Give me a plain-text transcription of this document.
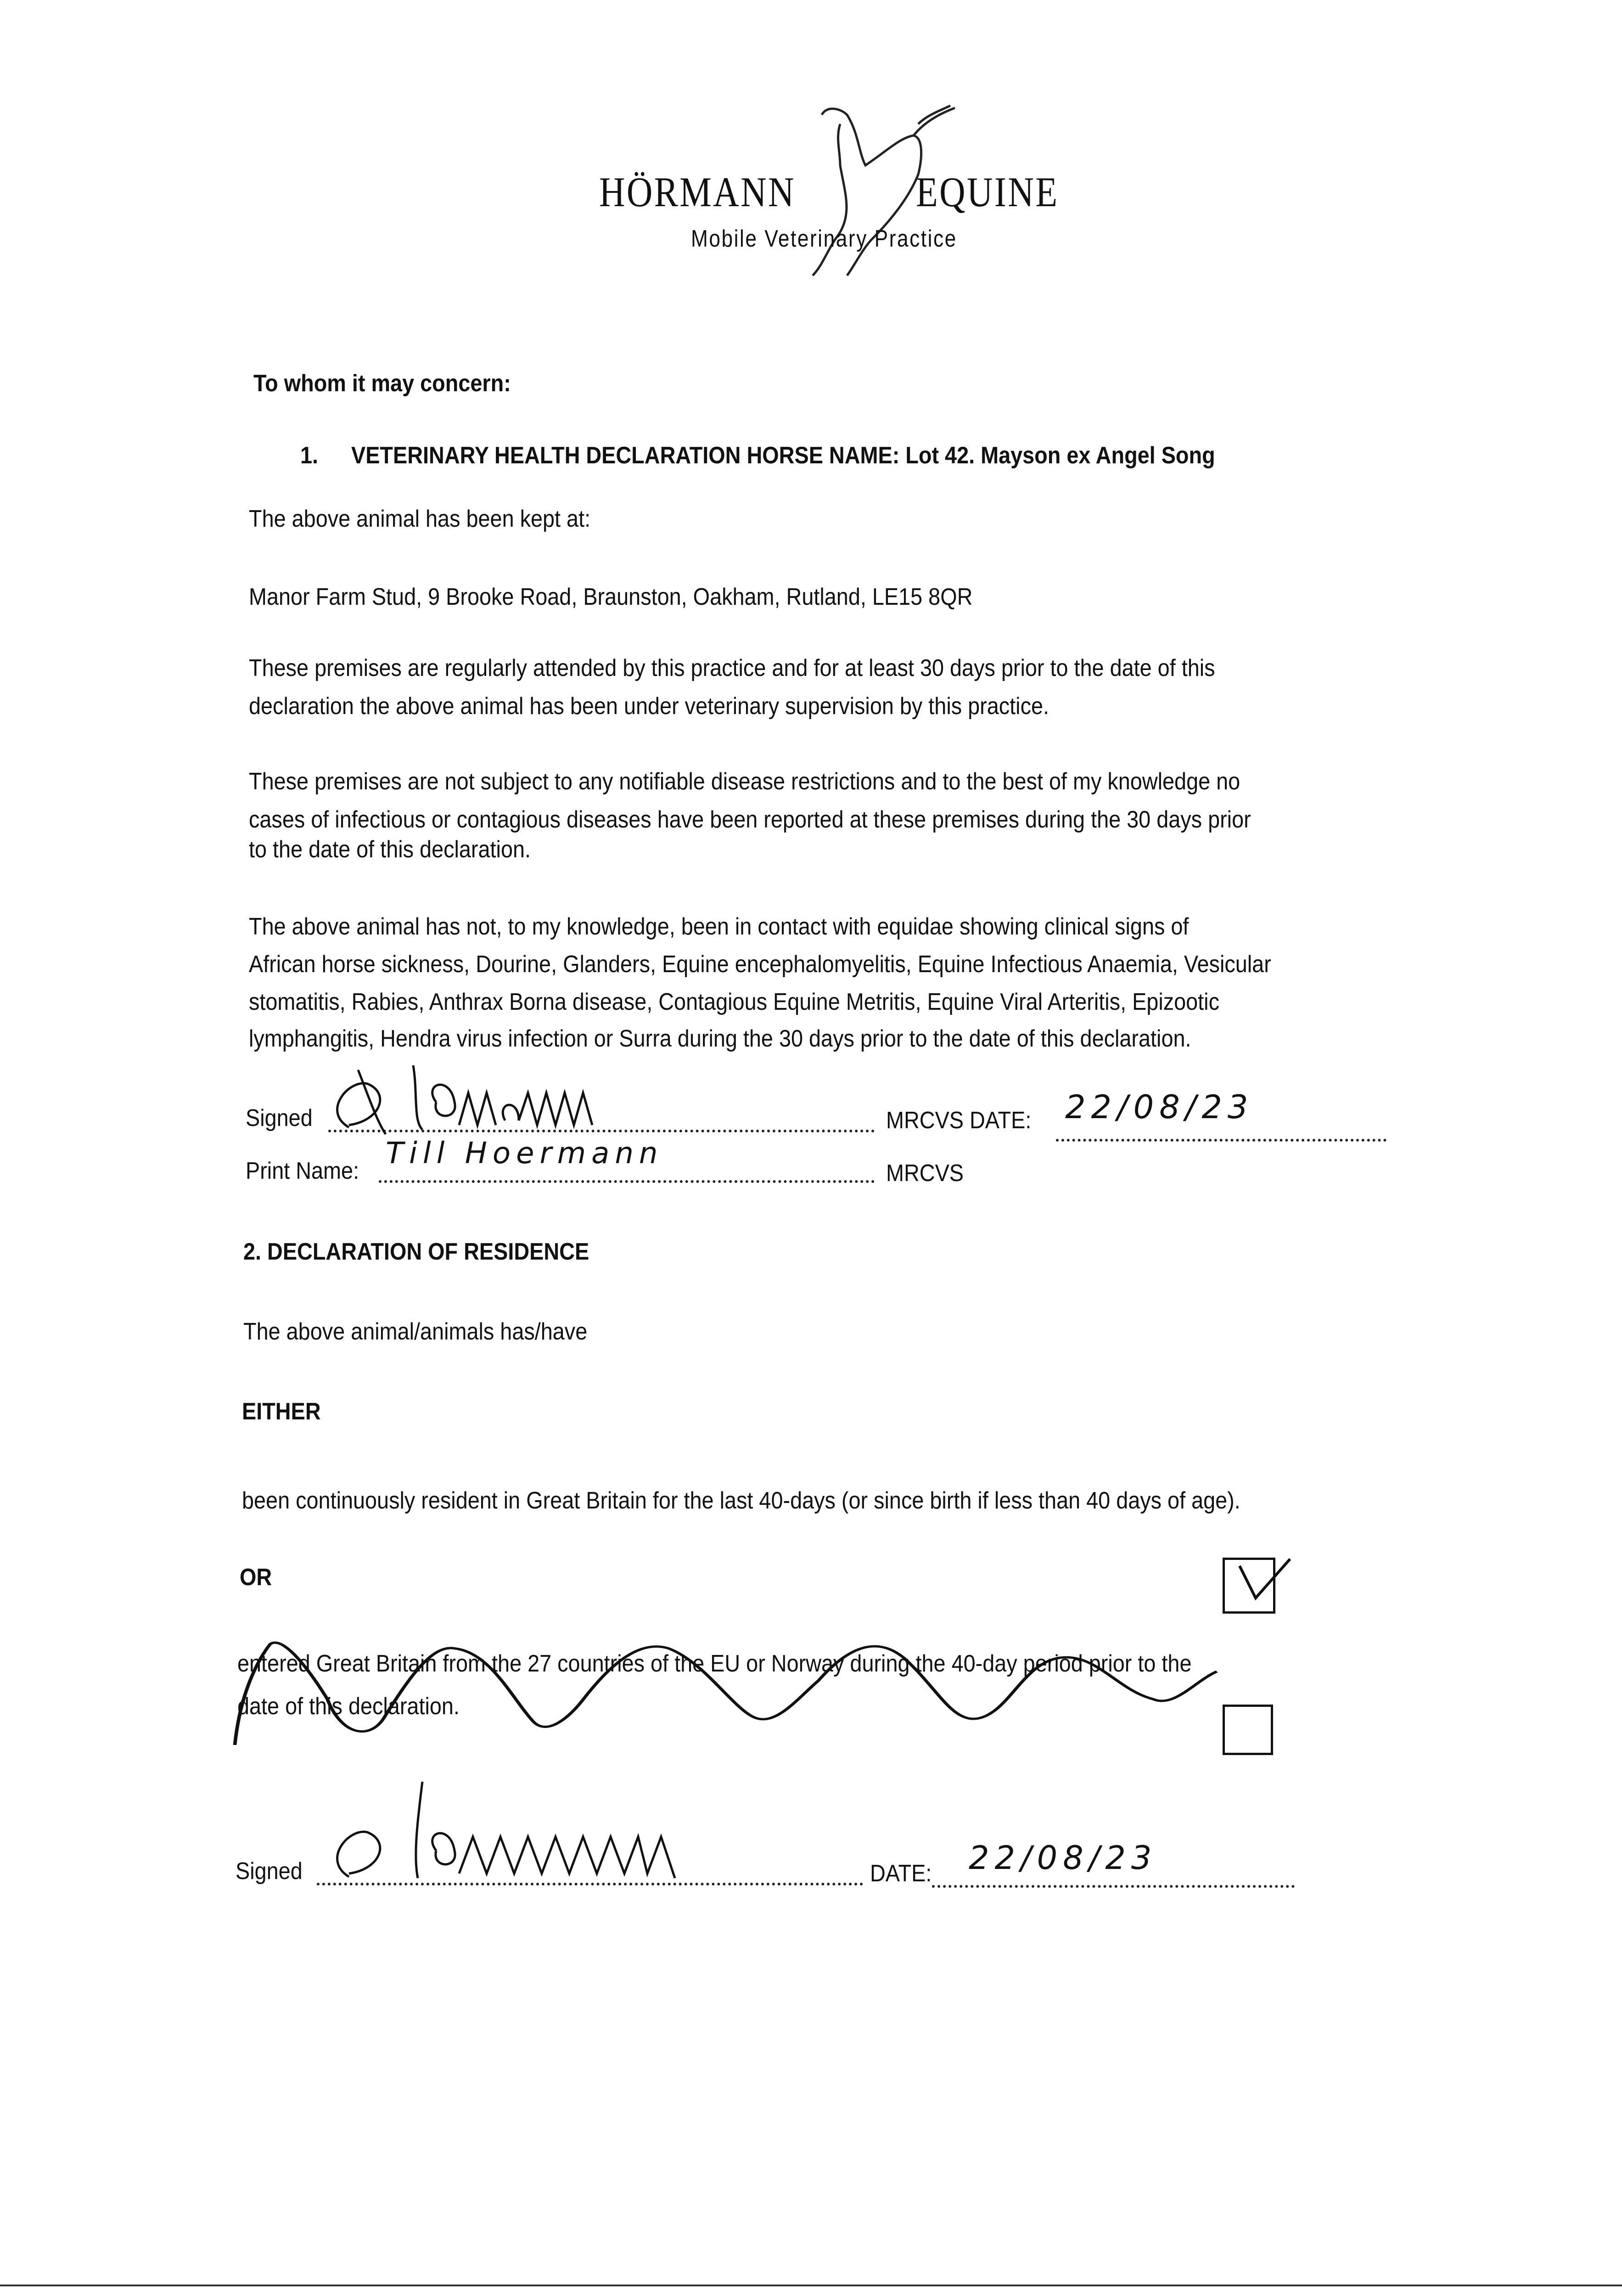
HÖRMANN	EQUINE
Mobile Veterinary Practice
To whom it may concern:
1. VETERINARY HEALTH DECLARATION HORSE NAME: Lot 42. Mayson ex Angel Song
The above animal has been kept at:
Manor Farm Stud, 9 Brooke Road, Braunston, Oakham, Rutland, LE15 8QR
These premises are regularly attended by this practice and for at least 30 days prior to the date of this
declaration the above animal has been under veterinary supervision by this practice.
These premises are not subject to any notifiable disease restrictions and to the best of my knowledge no
cases of infectious or contagious diseases have been reported at these premises during the 30 days prior
to the date of this declaration.
The above animal has not, to my knowledge, been in contact with equidae showing clinical signs of
African horse sickness, Dourine, Glanders, Equine encephalomyelitis, Equine Infectious Anaemia, Vesicular
stomatitis, Rabies, Anthrax Borna disease, Contagious Equine Metritis, Equine Viral Arteritis, Epizootic
lymphangitis, Hendra virus infection or Surra during the 30 days prior to the date of this declaration.
Signed	MRCVS DATE: 22/08/23
Print Name:
Till Hoermann
MRCVS
2. DECLARATION OF RESIDENCE
The above animal/animals has/have
EITHER
been continuously resident in Great Britain for the last 40-days (or since birth if less than 40 days of age).
OR
entered Great Britain from the 27 countries of the EU or Norway during the 40-day period prior to the
date of this declaration.
Signed	DATE: 22/08/23
